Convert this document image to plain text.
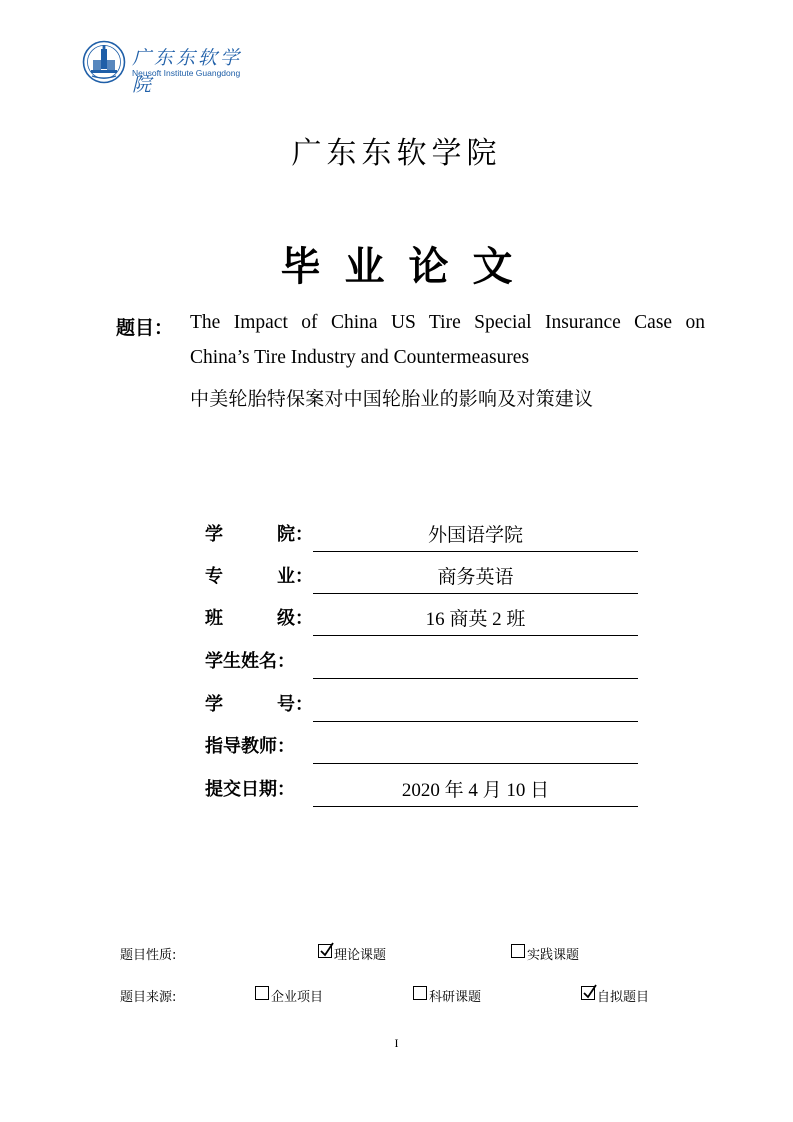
广东东软学院
Neusoft Institute Guangdong
广东东软学院
毕业论文
题目： The Impact of China US Tire Special Insurance Case on
China’s Tire Industry and Countermeasures
中美轮胎特保案对中国轮胎业的影响及对策建议
学	院：	外国语学院
专	业：	商务英语
班	级：	16 商英 2 班
学生姓名：
学	号：
指导教师：
提交日期：	2020 年 4 月 10 日
题目性质:	理论课题	实践课题
题目来源:	企业项目	科研课题	自拟题目
I
